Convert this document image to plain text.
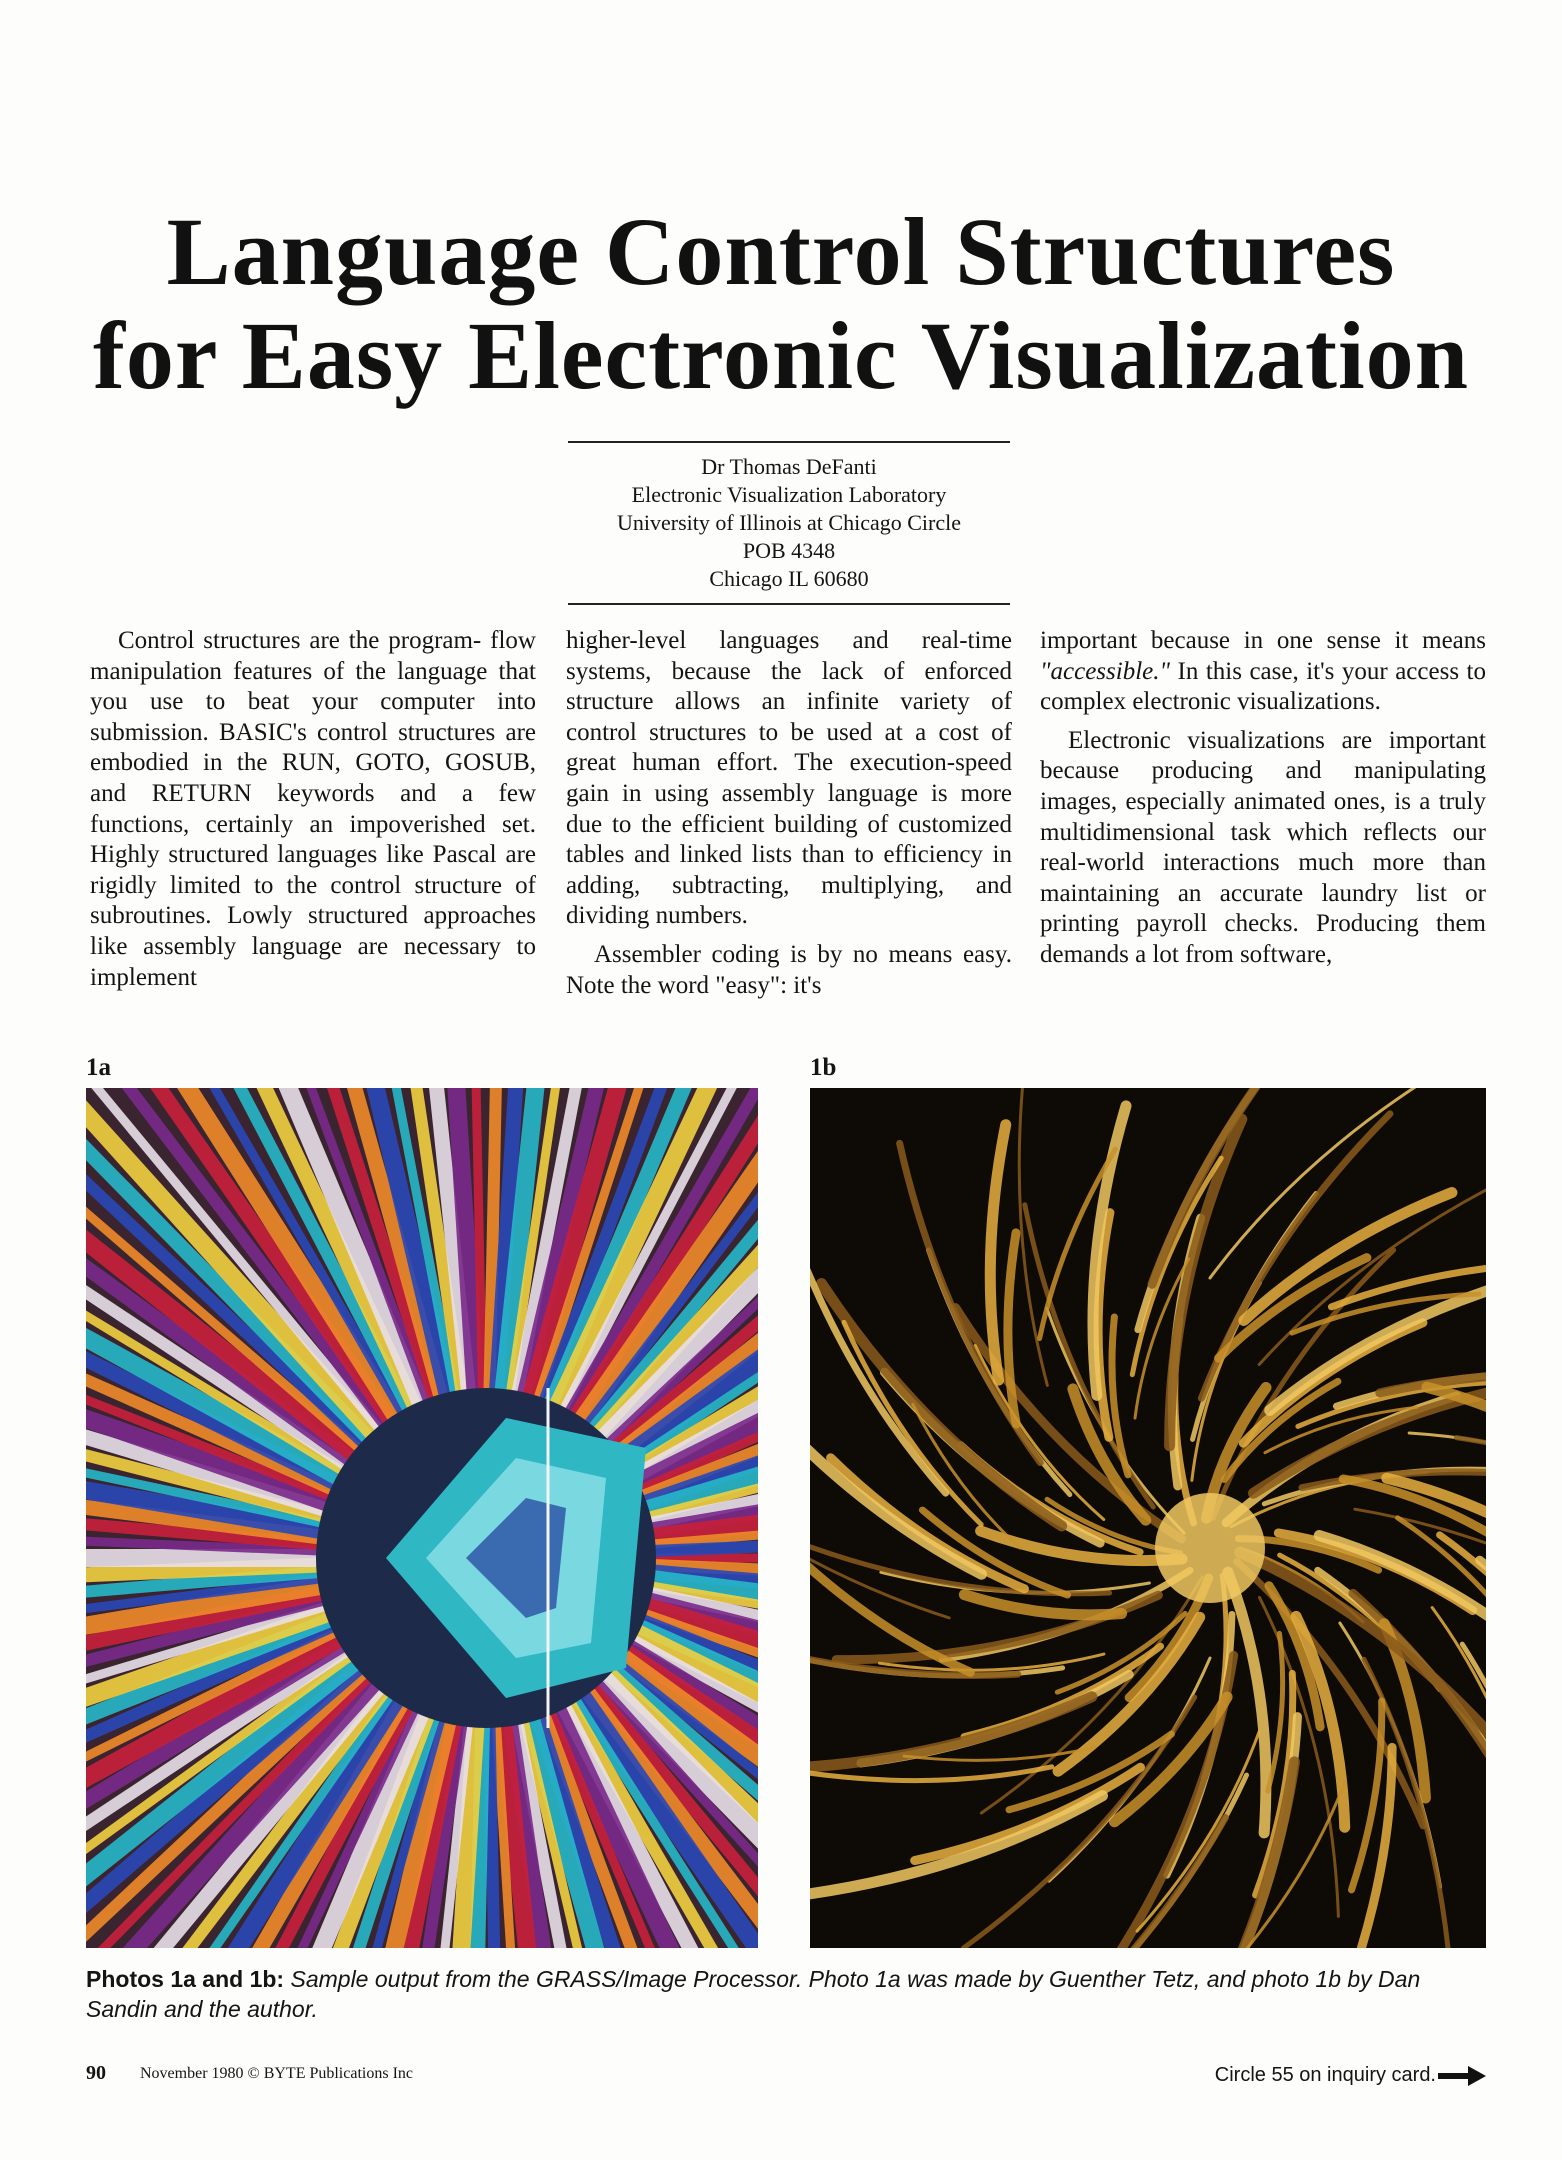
Language Control Structures
for Easy Electronic Visualization
Dr Thomas DeFanti
Electronic Visualization Laboratory
University of Illinois at Chicago Circle
POB 4348
Chicago IL 60680

Control structures are the program- flow manipulation features of the language that you use to beat your computer into submission. BASIC's control structures are embodied in the RUN, GOTO, GOSUB, and RETURN keywords and a few functions, certainly an impoverished set. Highly structured languages like Pascal are rigidly limited to the control structure of subroutines. Lowly structured approaches like assembly language are necessary to implement

higher-level languages and real-time systems, because the lack of enforced structure allows an infinite variety of control structures to be used at a cost of great human effort. The execution-speed gain in using assembly language is more due to the efficient building of customized tables and linked lists than to efficiency in adding, subtracting, multiplying, and dividing numbers.

Assembler coding is by no means easy. Note the word "easy": it's

important because in one sense it means "accessible." In this case, it's your access to complex electronic visualizations.

Electronic visualizations are important because producing and manipulating images, especially animated ones, is a truly multidimensional task which reflects our real-world interactions much more than maintaining an accurate laundry list or printing payroll checks. Producing them demands a lot from software,

1a	1b

Photos 1a and 1b: Sample output from the GRASS/Image Processor. Photo 1a was made by Guenther Tetz, and photo 1b by Dan Sandin and the author.

90 November 1980 © BYTE Publications Inc	Circle 55 on inquiry card.
